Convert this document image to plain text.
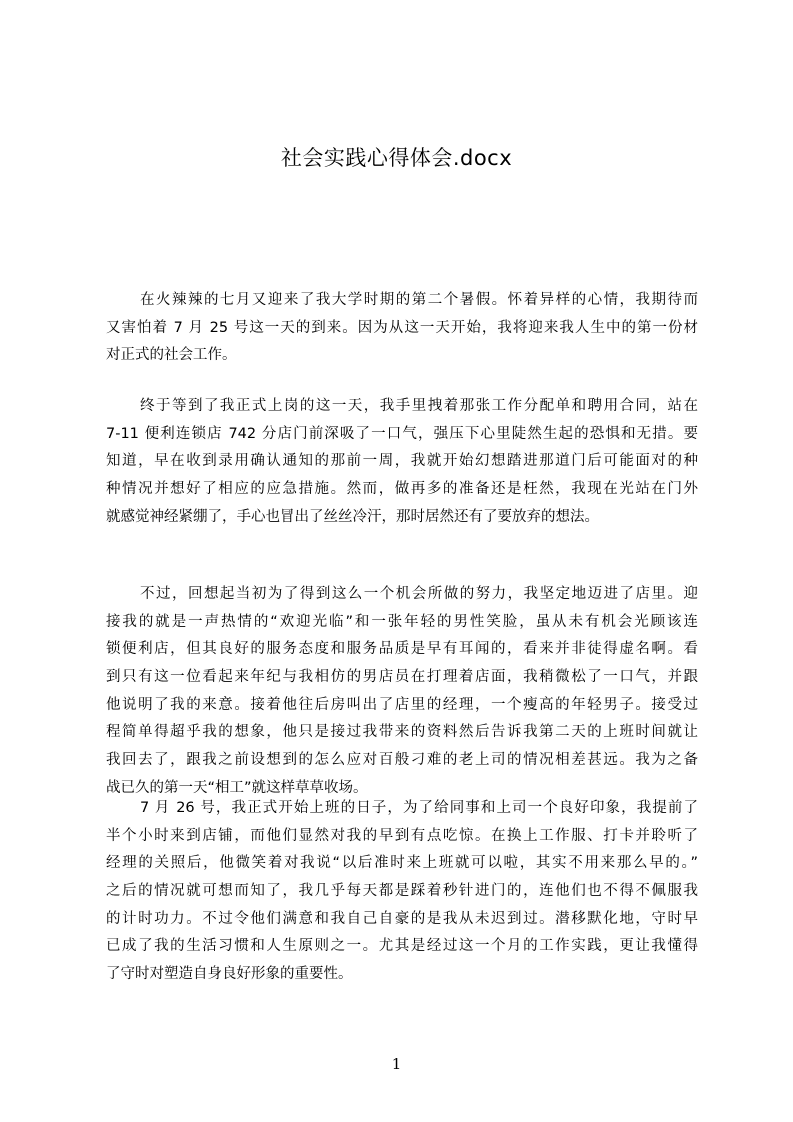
社会实践心得体会.docx
在火辣辣的七月又迎来了我大学时期的第二个暑假。怀着异样的心情，我期待而
又害怕着 7 月 25 号这一天的到来。因为从这一天开始，我将迎来我人生中的第一份材
对正式的社会工作。
终于等到了我正式上岗的这一天，我手里拽着那张工作分配单和聘用合同，站在
7-11 便利连锁店 742 分店门前深吸了一口气，强压下心里陡然生起的恐惧和无措。要
知道，早在收到录用确认通知的那前一周，我就开始幻想踏进那道门后可能面对的种
种情况并想好了相应的应急措施。然而，做再多的准备还是枉然，我现在光站在门外
就感觉神经紧绷了，手心也冒出了丝丝冷汗，那时居然还有了要放弃的想法。
不过，回想起当初为了得到这么一个机会所做的努力，我坚定地迈进了店里。迎
接我的就是一声热情的“欢迎光临”和一张年轻的男性笑脸，虽从未有机会光顾该连
锁便利店，但其良好的服务态度和服务品质是早有耳闻的，看来并非徒得虚名啊。看
到只有这一位看起来年纪与我相仿的男店员在打理着店面，我稍微松了一口气，并跟
他说明了我的来意。接着他往后房叫出了店里的经理，一个瘦高的年轻男子。接受过
程简单得超乎我的想象，他只是接过我带来的资料然后告诉我第二天的上班时间就让
我回去了，跟我之前设想到的怎么应对百般刁难的老上司的情况相差甚远。我为之备
战已久的第一天“相工”就这样草草收场。
7 月 26 号，我正式开始上班的日子，为了给同事和上司一个良好印象，我提前了
半个小时来到店铺，而他们显然对我的早到有点吃惊。在换上工作服、打卡并聆听了
经理的关照后，他微笑着对我说“以后准时来上班就可以啦，其实不用来那么早的。”
之后的情况就可想而知了，我几乎每天都是踩着秒针进门的，连他们也不得不佩服我
的计时功力。不过令他们满意和我自己自豪的是我从未迟到过。潜移默化地，守时早
已成了我的生活习惯和人生原则之一。尤其是经过这一个月的工作实践，更让我懂得
了守时对塑造自身良好形象的重要性。
1
